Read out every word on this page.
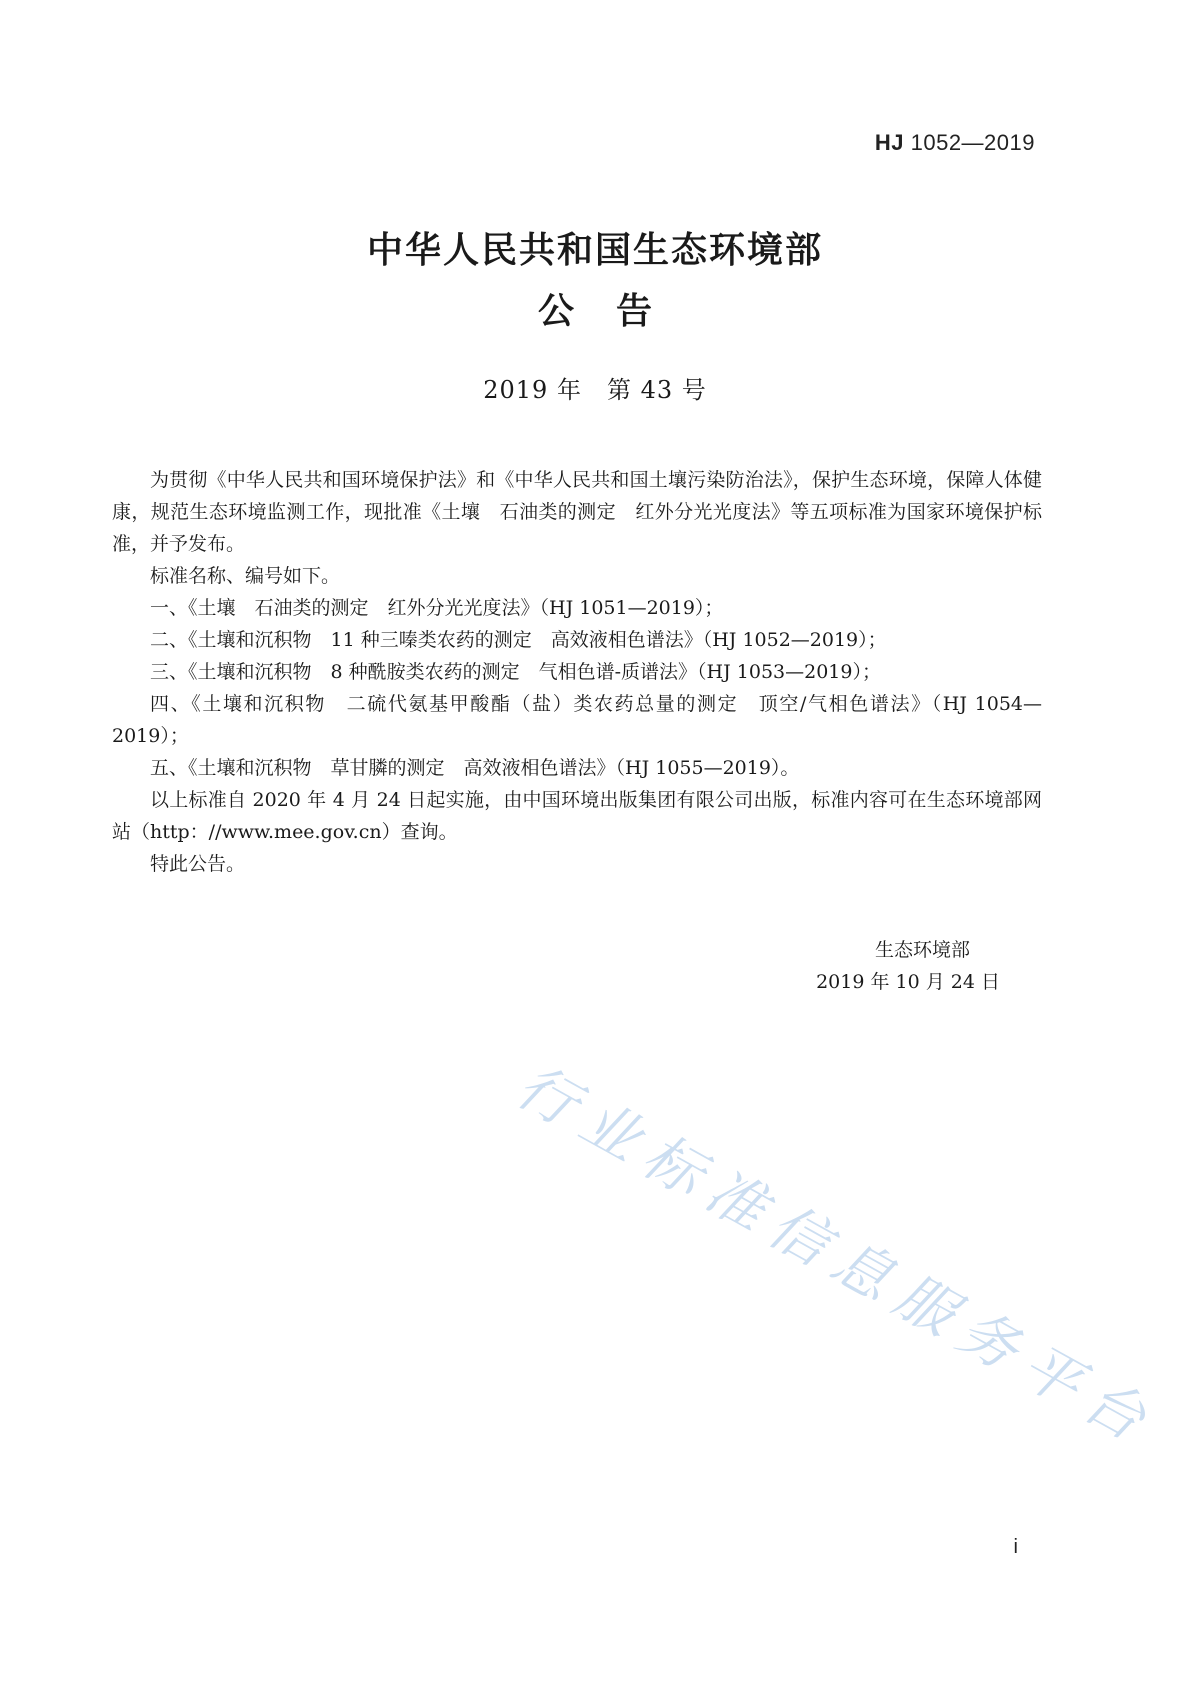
HJ 1052—2019
中华人民共和国生态环境部
公告
2019 年　第 43 号

为贯彻《中华人民共和国环境保护法》和《中华人民共和国土壤污染防治法》，保护生态环境，保障人体健康，规范生态环境监测工作，现批准《土壤　石油类的测定　红外分光光度法》等五项标准为国家环境保护标准，并予发布。

标准名称、编号如下。

一、《土壤　石油类的测定　红外分光光度法》（HJ 1051—2019）；

二、《土壤和沉积物　11 种三嗪类农药的测定　高效液相色谱法》（HJ 1052—2019）；

三、《土壤和沉积物　8 种酰胺类农药的测定　气相色谱-质谱法》（HJ 1053—2019）；

四、《土壤和沉积物　二硫代氨基甲酸酯（盐）类农药总量的测定　顶空/气相色谱法》（HJ 1054—2019）；

五、《土壤和沉积物　草甘膦的测定　高效液相色谱法》（HJ 1055—2019）。

以上标准自 2020 年 4 月 24 日起实施，由中国环境出版集团有限公司出版，标准内容可在生态环境部网站（http：//www.mee.gov.cn）查询。

特此公告。

生态环境部
2019 年 10 月 24 日
行业标准信息服务平台
i
